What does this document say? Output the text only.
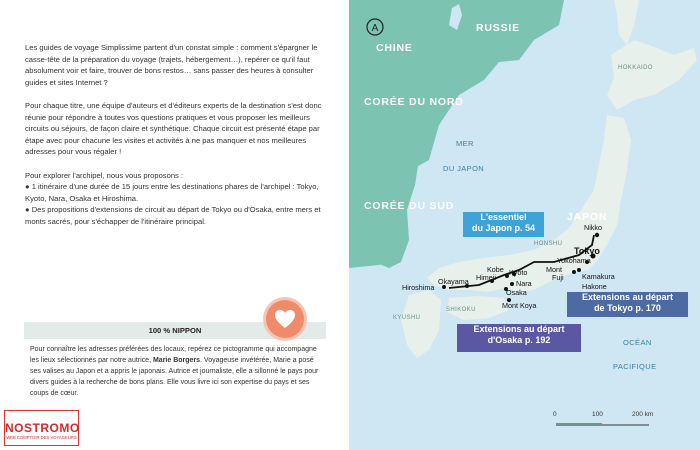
Les guides de voyage Simplissime partent d'un constat simple : comment s'épargner le casse-tête de la préparation du voyage (trajets, hébergement…), repérer ce qu'il faut absolument voir et faire, trouver de bons restos… sans passer des heures à consulter guides et sites Internet ?

Pour chaque titre, une équipe d'auteurs et d'éditeurs experts de la destination s'est donc réunie pour répondre à toutes vos questions pratiques et vous proposer les meilleurs circuits ou séjours, de façon claire et synthétique. Chaque circuit est présenté étape par étape avec pour chacune les visites et activités à ne pas manquer et nos meilleures adresses pour vous régaler !

Pour explorer l'archipel, nous vous proposons :
● 1 itinéraire d'une durée de 15 jours entre les destinations phares de l'archipel : Tokyo, Kyoto, Nara, Osaka et Hiroshima.
● Des propositions d'extensions de circuit au départ de Tokyo ou d'Osaka, entre mers et monts sacrés, pour s'échapper de l'itinéraire principal.
100 % NIPPON
Pour connaître les adresses préférées des locaux, repérez ce pictogramme qui accompagne les lieux sélectionnés par notre autrice, Marie Borgers. Voyageuse invétérée, Marie a posé ses valises au Japon et a appris le japonais. Autrice et journaliste, elle a sillonné le pays pour divers guides à la recherche de bons plans. Elle vous livre ici son expertise du pays et ses coups de cœur.
NOSTROMO
WEB COMPTOIR DES VOYAGEURS
A	RUSSIE
CHINE
CORÉE DU NORD
CORÉE DU SUD
JAPON
MER
DU JAPON
OCÉAN
PACIFIQUE
HOKKAIDO
HONSHU
SHIKOKU
KYUSHU
Nikko
Tokyo
Yokohama
Mont
Fuji	Kamakura
Hakone
Kobe Kyoto
Himeji
Nara
Osaka
Mont Koya
Okayama
Hiroshima
L'essentiel
du Japon p. 54
Extensions au départ
de Tokyo p. 170
Extensions au départ
d'Osaka p. 192
0	100	200 km
